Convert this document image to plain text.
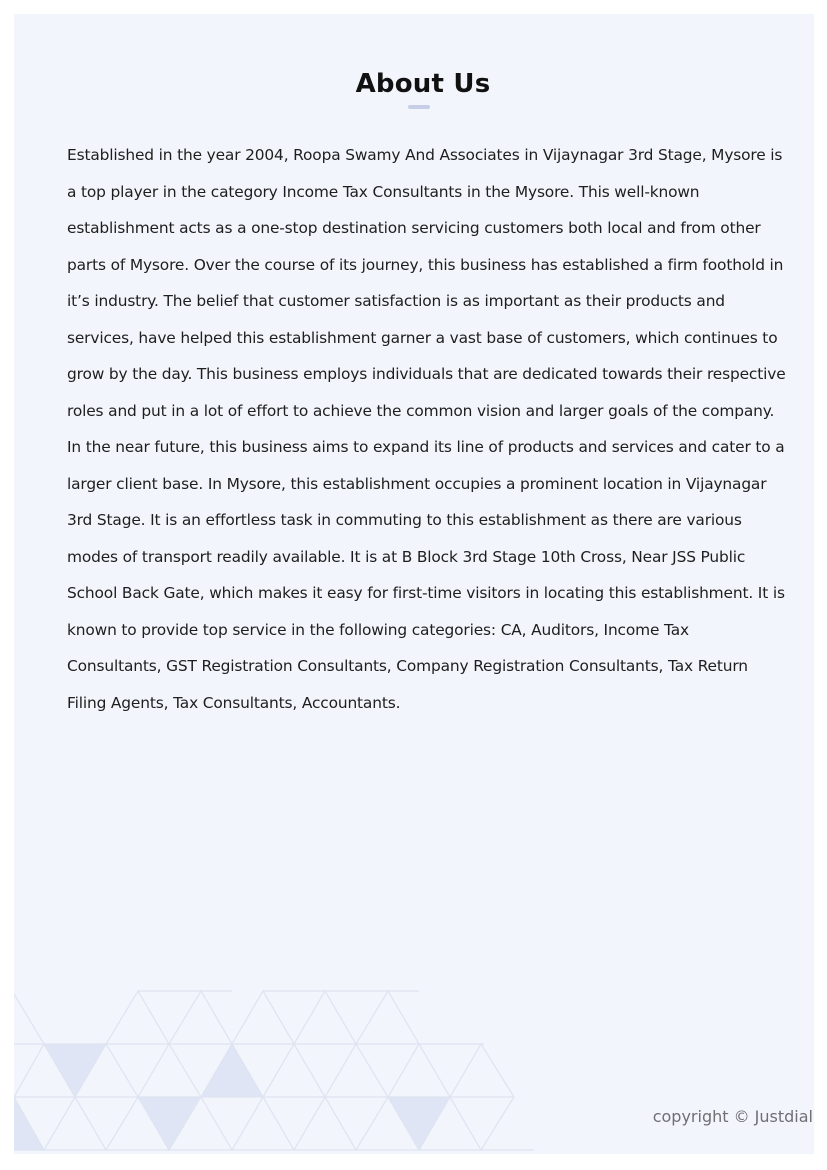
About Us

Established in the year 2004, Roopa Swamy And Associates in Vijaynagar 3rd Stage, Mysore is a top player in the category Income Tax Consultants in the Mysore. This well-known establishment acts as a one-stop destination servicing customers both local and from other parts of Mysore. Over the course of its journey, this business has established a firm foothold in it’s industry. The belief that customer satisfaction is as important as their products and services, have helped this establishment garner a vast base of customers, which continues to grow by the day. This business employs individuals that are dedicated towards their respective roles and put in a lot of effort to achieve the common vision and larger goals of the company. In the near future, this business aims to expand its line of products and services and cater to a larger client base. In Mysore, this establishment occupies a prominent location in Vijaynagar 3rd Stage. It is an effortless task in commuting to this establishment as there are various modes of transport readily available. It is at B Block 3rd Stage 10th Cross, Near JSS Public School Back Gate, which makes it easy for first-time visitors in locating this establishment. It is known to provide top service in the following categories: CA, Auditors, Income Tax Consultants, GST Registration Consultants, Company Registration Consultants, Tax Return Filing Agents, Tax Consultants, Accountants.

copyright © Justdial
